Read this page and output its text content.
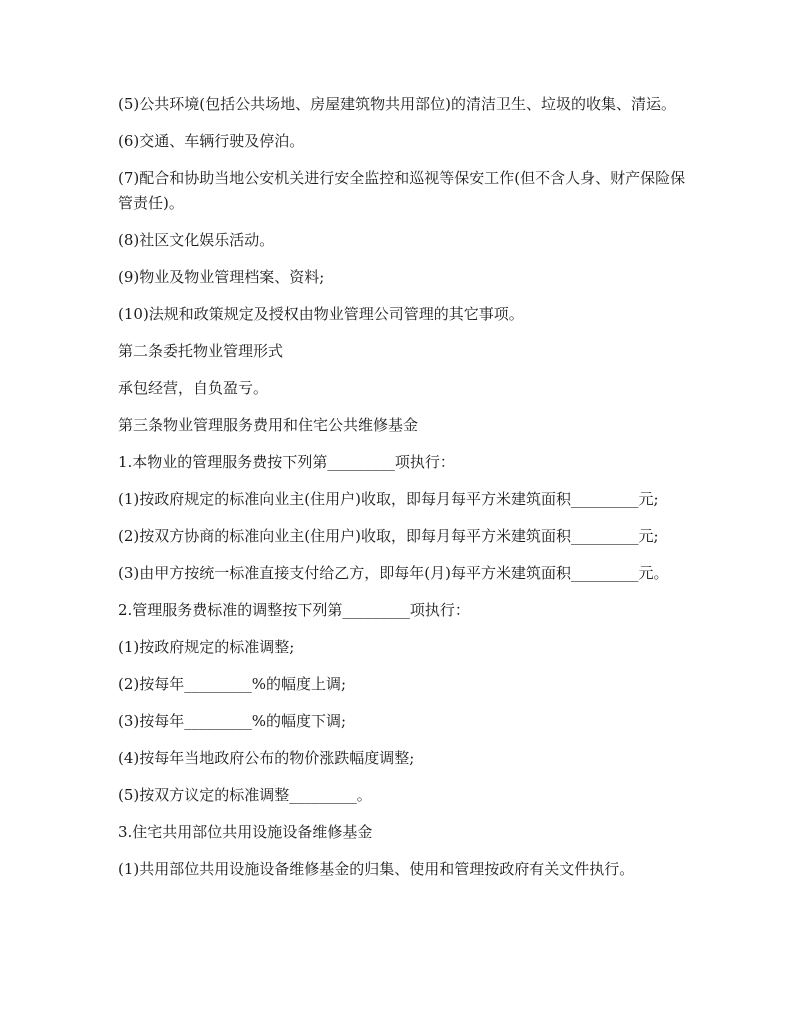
(5)公共环境(包括公共场地、房屋建筑物共用部位)的清洁卫生、垃圾的收集、清运。

(6)交通、车辆行驶及停泊。

(7)配合和协助当地公安机关进行安全监控和巡视等保安工作(但不含人身、财产保险保管责任)。

(8)社区文化娱乐活动。

(9)物业及物业管理档案、资料;

(10)法规和政策规定及授权由物业管理公司管理的其它事项。

第二条委托物业管理形式

承包经营，自负盈亏。

第三条物业管理服务费用和住宅公共维修基金

1.本物业的管理服务费按下列第_________项执行：

(1)按政府规定的标准向业主(住用户)收取，即每月每平方米建筑面积_________元;

(2)按双方协商的标准向业主(住用户)收取，即每月每平方米建筑面积_________元;

(3)由甲方按统一标准直接支付给乙方，即每年(月)每平方米建筑面积_________元。

2.管理服务费标准的调整按下列第_________项执行：

(1)按政府规定的标准调整;

(2)按每年_________%的幅度上调;

(3)按每年_________%的幅度下调;

(4)按每年当地政府公布的物价涨跌幅度调整;

(5)按双方议定的标准调整_________。

3.住宅共用部位共用设施设备维修基金

(1)共用部位共用设施设备维修基金的归集、使用和管理按政府有关文件执行。
